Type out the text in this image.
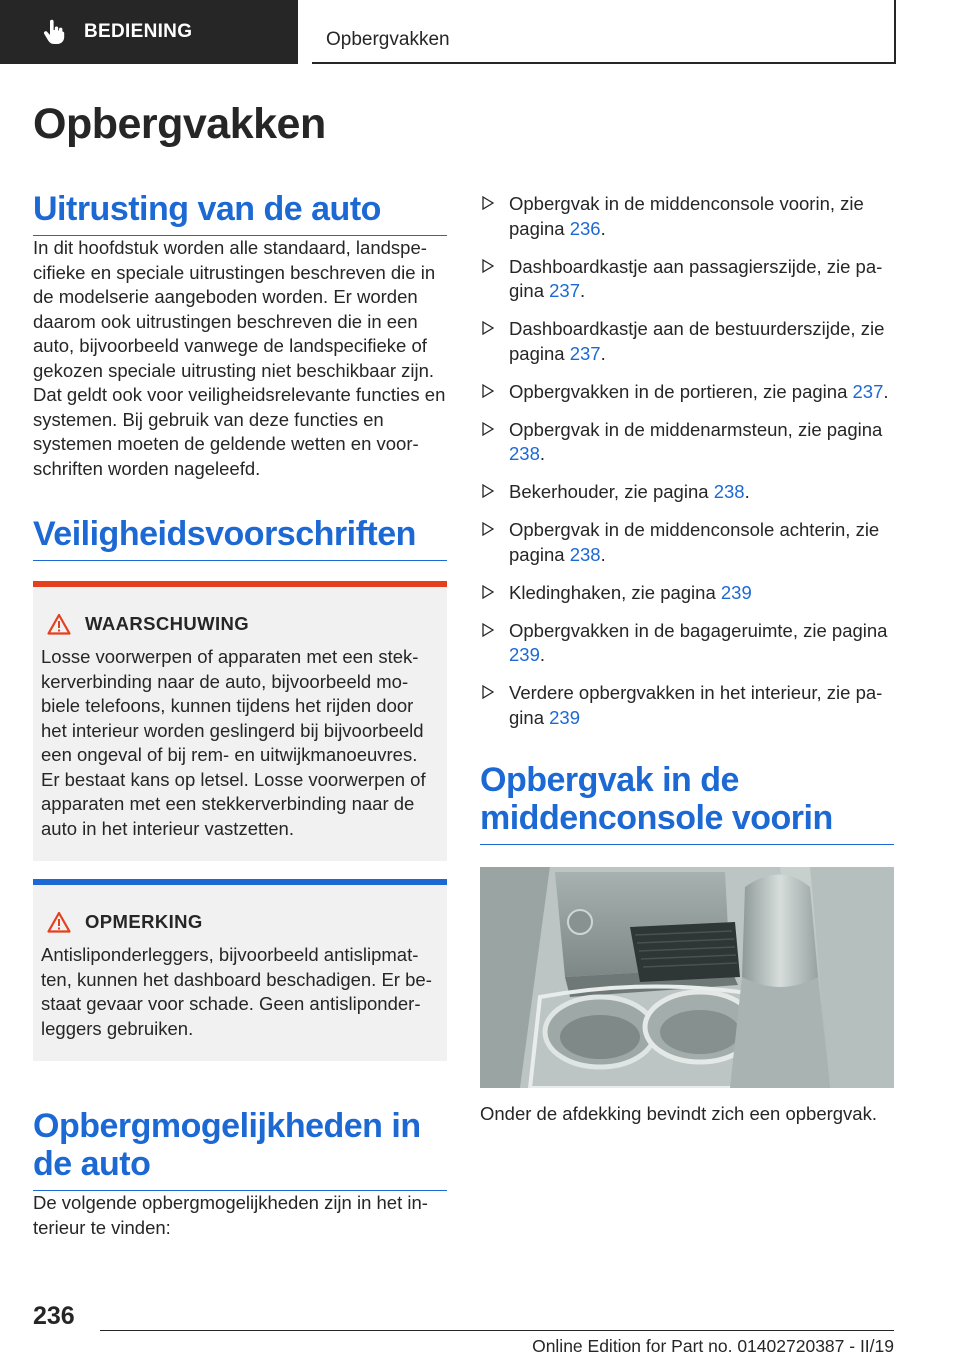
BEDIENING	Opbergvakken
Opbergvakken
Uitrusting van de auto

In dit hoofdstuk worden alle standaard, landspecifieke en speciale uitrustingen beschreven die in de modelserie aangeboden worden. Er worden daarom ook uitrustingen beschreven die in een auto, bijvoorbeeld vanwege de landspecifieke of gekozen speciale uitrusting niet beschikbaar zijn. Dat geldt ook voor veiligheidsrelevante functies en systemen. Bij gebruik van deze functies en systemen moeten de geldende wetten en voorschriften worden nageleefd.

Veiligheidsvoorschriften
WAARSCHUWING

Losse voorwerpen of apparaten met een stekkerverbinding naar de auto, bijvoorbeeld mobiele telefoons, kunnen tijdens het rijden door het interieur worden geslingerd bij bijvoorbeeld een ongeval of bij rem- en uitwijkmanoeuvres. Er bestaat kans op letsel. Losse voorwerpen of apparaten met een stekkerverbinding naar de auto in het interieur vastzetten.

OPMERKING

Antisliponderleggers, bijvoorbeeld antislipmatten, kunnen het dashboard beschadigen. Er bestaat gevaar voor schade. Geen antisliponderleggers gebruiken.

Opbergmogelijkheden in de auto

De volgende opbergmogelijkheden zijn in het interieur te vinden:

Opbergvak in de middenconsole voorin, zie pagina 236.
Dashboardkastje aan passagierszijde, zie pagina 237.
Dashboardkastje aan de bestuurderszijde, zie pagina 237.
Opbergvakken in de portieren, zie pagina 237.
Opbergvak in de middenarmsteun, zie pagina 238.
Bekerhouder, zie pagina 238.
Opbergvak in de middenconsole achterin, zie pagina 238.
Kledinghaken, zie pagina 239
Opbergvakken in de bagageruimte, zie pagina 239.
Verdere opbergvakken in het interieur, zie pagina 239
Opbergvak in de middenconsole voorin

Onder de afdekking bevindt zich een opbergvak.

236
Online Edition for Part no. 01402720387 - II/19
